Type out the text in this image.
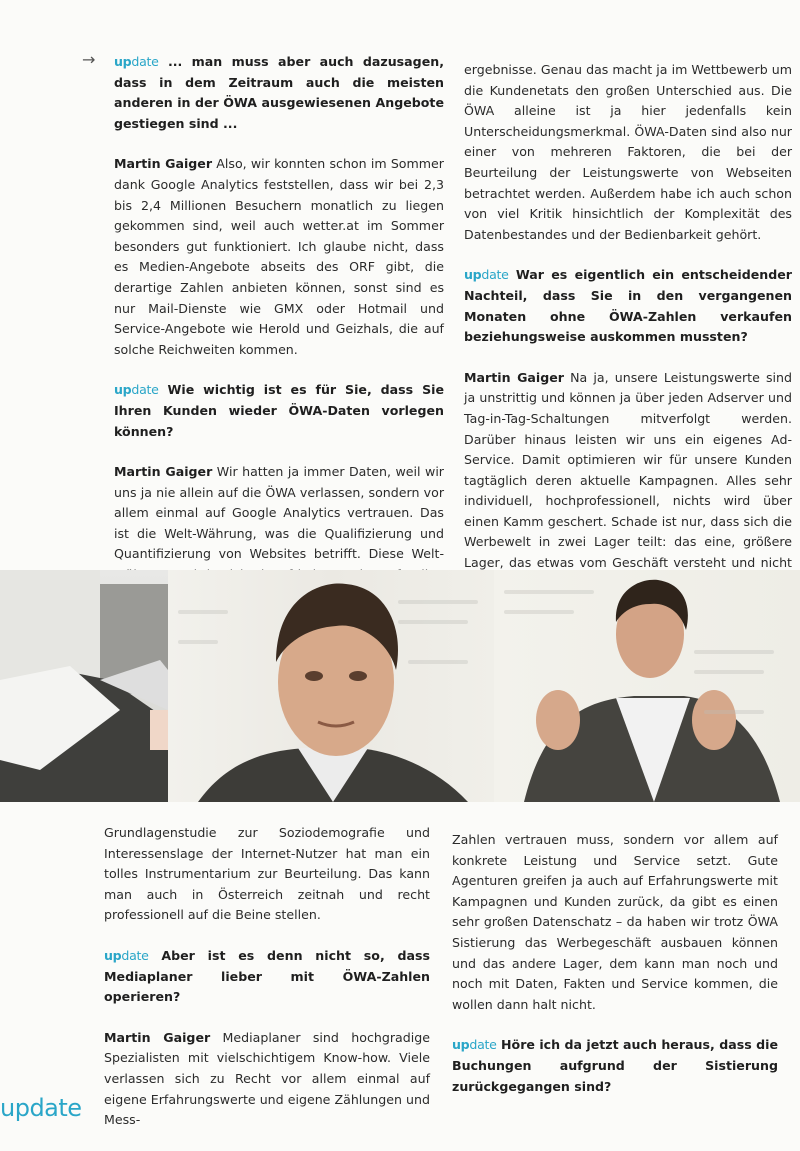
→ update ... man muss aber auch dazusagen, dass in dem Zeitraum auch die meisten anderen in der ÖWA ausgewiesenen Angebote gestiegen sind ...

Martin Gaiger Also, wir konnten schon im Sommer dank Google Analytics feststellen, dass wir bei 2,3 bis 2,4 Millionen Besuchern monatlich zu liegen gekommen sind, weil auch wetter.at im Sommer besonders gut funktioniert. Ich glaube nicht, dass es Medien-Angebote abseits des ORF gibt, die derartige Zahlen anbieten können, sonst sind es nur Mail-Dienste wie GMX oder Hotmail und Service-Angebote wie Herold und Geizhals, die auf solche Reichweiten kommen.

update Wie wichtig ist es für Sie, dass Sie Ihren Kunden wieder ÖWA-Daten vorlegen können?

Martin Gaiger Wir hatten ja immer Daten, weil wir uns ja nie allein auf die ÖWA verlassen, sondern vor allem einmal auf Google Analytics vertrauen. Das ist die Welt-Währung, was die Qualifizierung und Quantifizierung von Websites betrifft. Diese Welt-

ergebnisse. Genau das macht ja im Wettbewerb um die Kundenetats den großen Unterschied aus. Die ÖWA alleine ist ja hier jedenfalls kein Unterscheidungsmerkmal. ÖWA-Daten sind also nur einer von mehreren Faktoren, die bei der Beurteilung der Leistungswerte von Webseiten betrachtet werden. Außerdem habe ich auch schon von viel Kritik hinsichtlich der Komplexität des Datenbestandes und der Bedienbarkeit gehört.

update War es eigentlich ein entscheidender Nachteil, dass Sie in den vergangenen Monaten ohne ÖWA-Zahlen verkaufen beziehungsweise auskommen mussten?

Martin Gaiger Na ja, unsere Leistungswerte sind ja unstrittig und können ja über jeden Adserver und Tag-in-Tag-Schaltungen mitverfolgt werden. Darüber hinaus leisten wir uns ein eigenes Ad-Service. Damit optimieren wir für unsere Kunden tagtäglich deren aktuelle Kampagnen. Alles sehr individuell, hochprofessionell, nichts wird über einen Kamm geschert. Schade ist nur, dass sich die Werbewelt in zwei Lager teilt: das eine, größere Lager, das etwas vom Geschäft versteht und nicht

Grundlagenstudie zur Soziodemografie und Interessenslage der Internet-Nutzer hat man ein tolles Instrumentarium zur Beurteilung. Das kann man auch in Österreich zeitnah und recht professionell auf die Beine stellen.

update Aber ist es denn nicht so, dass Mediaplaner lieber mit ÖWA-Zahlen operieren?

Martin Gaiger Mediaplaner sind hochgradige Spezialisten mit vielschichtigem Know-how. Viele verlassen sich zu Recht vor allem einmal auf eigene Erfahrungswerte und eigene Zählungen und Mess-

Zahlen vertrauen muss, sondern vor allem auf konkrete Leistung und Service setzt. Gute Agenturen greifen ja auch auf Erfahrungswerte mit Kampagnen und Kunden zurück, da gibt es einen sehr großen Datenschatz – da haben wir trotz ÖWA Sistierung das Werbegeschäft ausbauen können und das andere Lager, dem kann man noch und noch mit Daten, Fakten und Service kommen, die wollen dann halt nicht.

update Höre ich da jetzt auch heraus, dass die Buchungen aufgrund der Sistierung zurückgegangen sind?

update
